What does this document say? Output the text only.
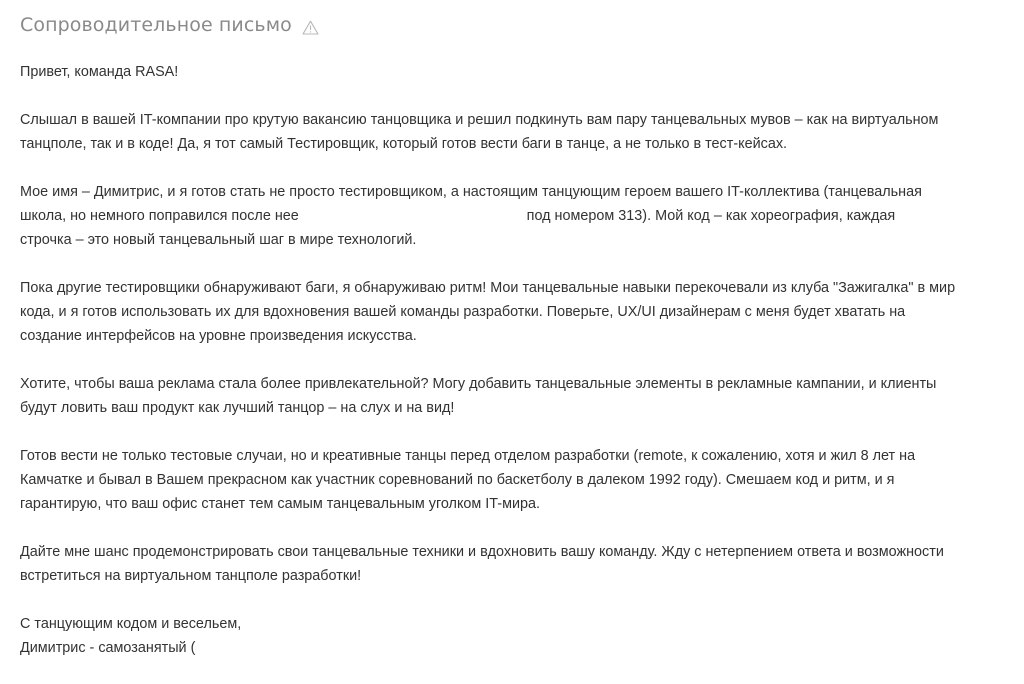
Сопроводительное письмо

Привет, команда RASA!

Слышал в вашей IT-компании про крутую вакансию танцовщика и решил подкинуть вам пару танцевальных мувов – как на виртуальном
танцполе, так и в коде! Да, я тот самый Тестировщик, который готов вести баги в танце, а не только в тест-кейсах.

Мое имя – Димитрис, и я готов стать не просто тестировщиком, а настоящим танцующим героем вашего IT-коллектива (танцевальная
школа, но немного поправился после нее                                                         под номером 313). Мой код – как хореография, каждая
строчка – это новый танцевальный шаг в мире технологий.

Пока другие тестировщики обнаруживают баги, я обнаруживаю ритм! Мои танцевальные навыки перекочевали из клуба "Зажигалка" в мир
кода, и я готов использовать их для вдохновения вашей команды разработки. Поверьте, UX/UI дизайнерам с меня будет хватать на
создание интерфейсов на уровне произведения искусства.

Хотите, чтобы ваша реклама стала более привлекательной? Могу добавить танцевальные элементы в рекламные кампании, и клиенты
будут ловить ваш продукт как лучший танцор – на слух и на вид!

Готов вести не только тестовые случаи, но и креативные танцы перед отделом разработки (remote, к сожалению, хотя и жил 8 лет на
Камчатке и бывал в Вашем прекрасном как участник соревнований по баскетболу в далеком 1992 году). Смешаем код и ритм, и я
гарантирую, что ваш офис станет тем самым танцевальным уголком IT-мира.

Дайте мне шанс продемонстрировать свои танцевальные техники и вдохновить вашу команду. Жду с нетерпением ответа и возможности
встретиться на виртуальном танцполе разработки!

С танцующим кодом и весельем,

Димитрис - самозанятый (
